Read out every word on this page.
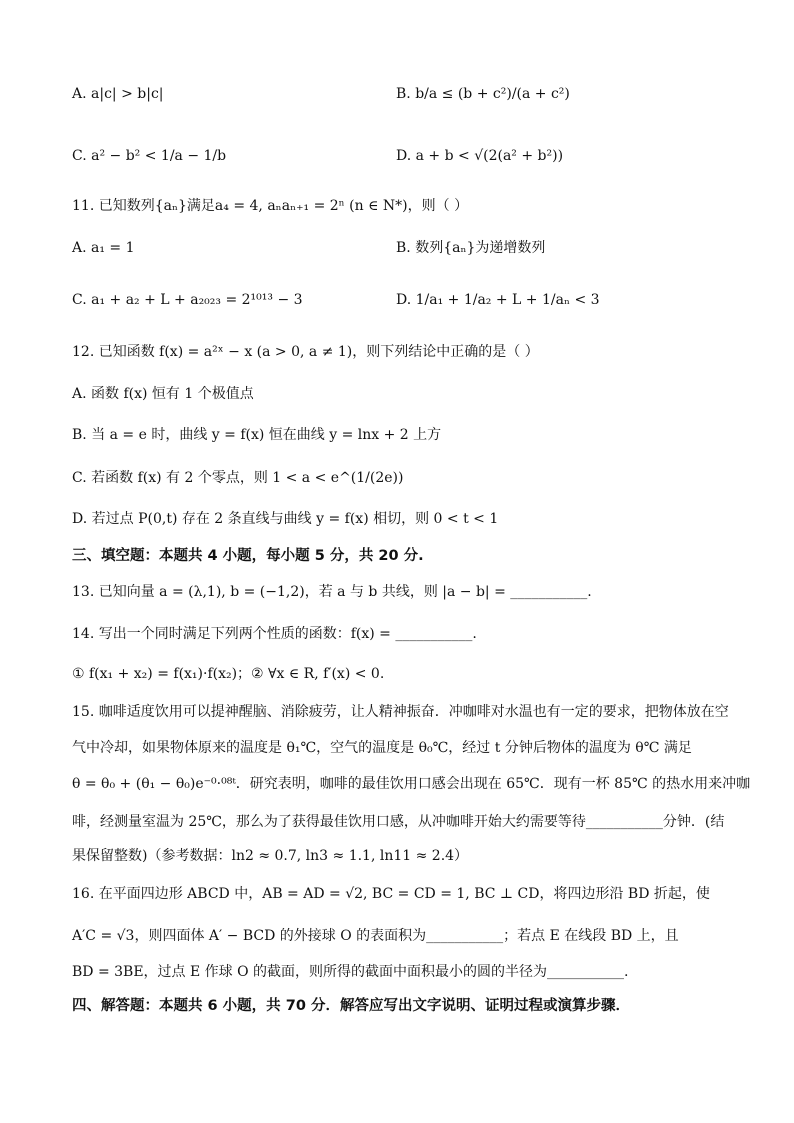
A. a|c| > b|c|	B. b/a ≤ (b + c²)/(a + c²)
C. a² − b² < 1/a − 1/b	D. a + b < √(2(a² + b²))
11. 已知数列{aₙ}满足a₄ = 4, aₙaₙ₊₁ = 2ⁿ (n ∈ N*)，则（ ）
A. a₁ = 1	B. 数列{aₙ}为递增数列
C. a₁ + a₂ + L + a₂₀₂₃ = 2¹⁰¹³ − 3	D. 1/a₁ + 1/a₂ + L + 1/aₙ < 3
12. 已知函数 f(x) = a²ˣ − x (a > 0, a ≠ 1)，则下列结论中正确的是（ ）
A. 函数 f(x) 恒有 1 个极值点
B. 当 a = e 时，曲线 y = f(x) 恒在曲线 y = lnx + 2 上方
C. 若函数 f(x) 有 2 个零点，则 1 < a < e^(1/(2e))
D. 若过点 P(0,t) 存在 2 条直线与曲线 y = f(x) 相切，则 0 < t < 1
三、填空题：本题共 4 小题，每小题 5 分，共 20 分.
13. 已知向量 a = (λ,1), b = (−1,2)，若 a 与 b 共线，则 |a − b| = ___________.
14. 写出一个同时满足下列两个性质的函数：f(x) = ___________.
① f(x₁ + x₂) = f(x₁)·f(x₂)；② ∀x ∈ R, f′(x) < 0.
15. 咖啡适度饮用可以提神醒脑、消除疲劳，让人精神振奋．冲咖啡对水温也有一定的要求，把物体放在空
气中冷却，如果物体原来的温度是 θ₁℃，空气的温度是 θ₀℃，经过 t 分钟后物体的温度为 θ℃ 满足
θ = θ₀ + (θ₁ − θ₀)e⁻⁰·⁰⁸ᵗ．研究表明，咖啡的最佳饮用口感会出现在 65℃．现有一杯 85℃ 的热水用来冲咖
啡，经测量室温为 25℃，那么为了获得最佳饮用口感，从冲咖啡开始大约需要等待___________分钟．(结
果保留整数)（参考数据：ln2 ≈ 0.7, ln3 ≈ 1.1, ln11 ≈ 2.4）
16. 在平面四边形 ABCD 中，AB = AD = √2, BC = CD = 1, BC ⊥ CD，将四边形沿 BD 折起，使
A′C = √3，则四面体 A′ − BCD 的外接球 O 的表面积为___________；若点 E 在线段 BD 上，且
BD = 3BE，过点 E 作球 O 的截面，则所得的截面中面积最小的圆的半径为___________.
四、解答题：本题共 6 小题，共 70 分．解答应写出文字说明、证明过程或演算步骤．
